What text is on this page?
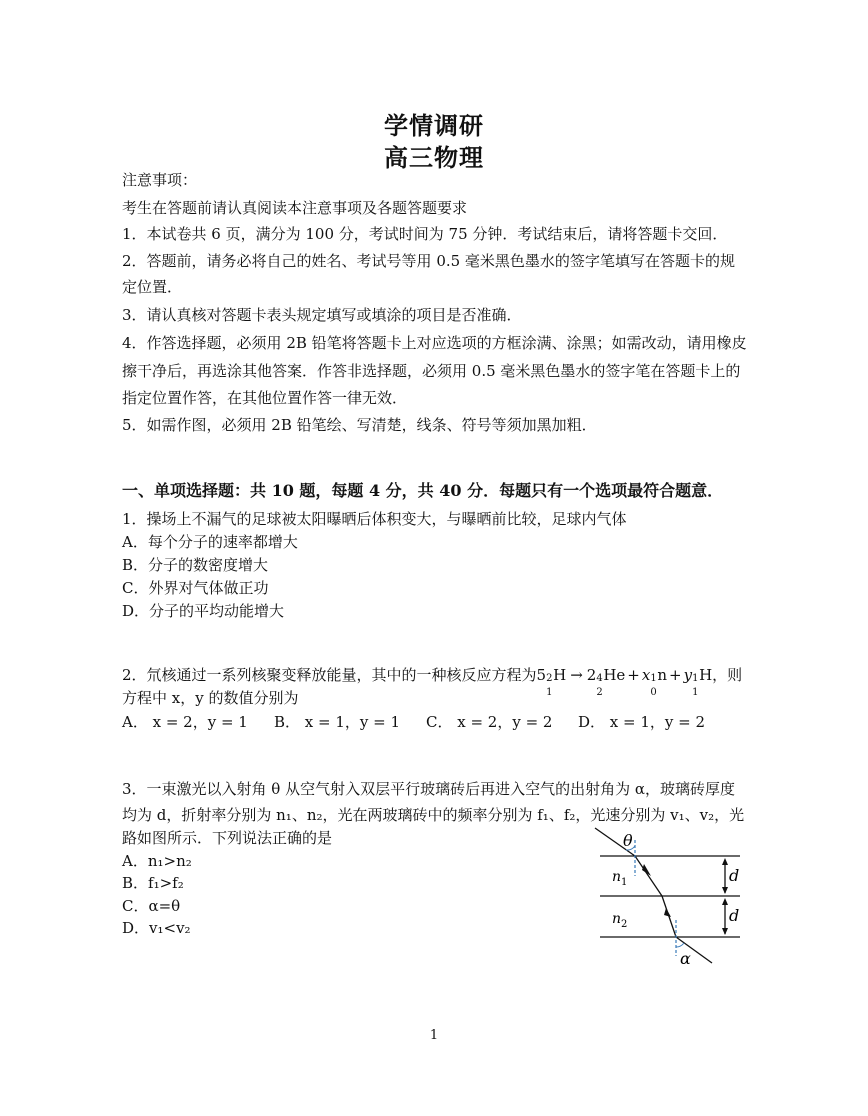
学情调研
高三物理
注意事项：
考生在答题前请认真阅读本注意事项及各题答题要求
1．本试卷共 6 页，满分为 100 分，考试时间为 75 分钟．考试结束后，请将答题卡交回．
2．答题前，请务必将自己的姓名、考试号等用 0.5 毫米黑色墨水的签字笔填写在答题卡的规
定位置．
3．请认真核对答题卡表头规定填写或填涂的项目是否准确．
4．作答选择题，必须用 2B 铅笔将答题卡上对应选项的方框涂满、涂黑；如需改动，请用橡皮
擦干净后，再选涂其他答案．作答非选择题，必须用 0.5 毫米黑色墨水的签字笔在答题卡上的
指定位置作答，在其他位置作答一律无效．
5．如需作图，必须用 2B 铅笔绘、写清楚，线条、符号等须加黑加粗．
一、单项选择题：共 10 题，每题 4 分，共 40 分．每题只有一个选项最符合题意．
1．操场上不漏气的足球被太阳曝晒后体积变大，与曝晒前比较，足球内气体
A．每个分子的速率都增大
B．分子的数密度增大
C．外界对气体做正功
D．分子的平均动能增大
2．氘核通过一系列核聚变释放能量，其中的一种核反应方程为5 2
1
H → 2 4
2
He + x 1
0
n + y 1
1
H，则
方程中 x，y 的数值分别为
A． x = 2，y = 1	B． x = 1，y = 1	C． x = 2，y = 2	D． x = 1，y = 2
3．一束激光以入射角 θ 从空气射入双层平行玻璃砖后再进入空气的出射角为 α，玻璃砖厚度
均为 d，折射率分别为 n₁、n₂，光在两玻璃砖中的频率分别为 f₁、f₂，光速分别为 v₁、v₂，光
路如图所示．下列说法正确的是
A．n₁>n₂
B．f₁>f₂
C．α=θ
D．v₁<v₂
θ
α
$n_1$
$n_2$
d
d
1
